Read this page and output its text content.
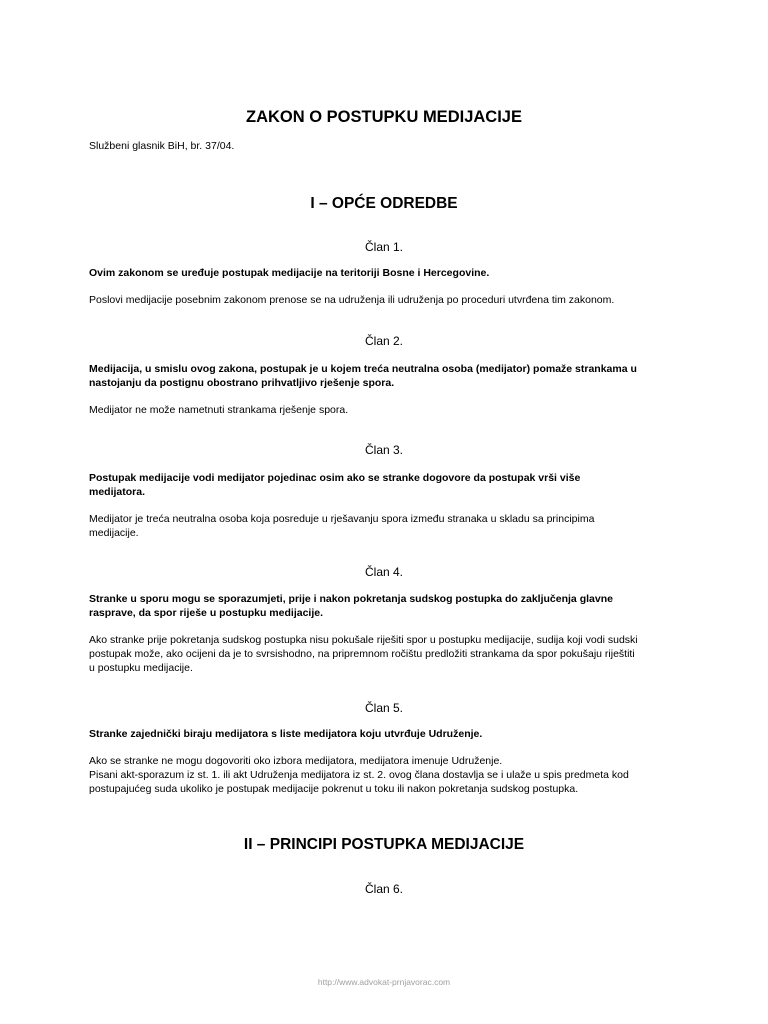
ZAKON O POSTUPKU MEDIJACIJE

Službeni glasnik BiH, br. 37/04.

I – OPĆE ODREDBE

Član 1.

Ovim zakonom se uređuje postupak medijacije na teritoriji Bosne i Hercegovine.

Poslovi medijacije posebnim zakonom prenose se na udruženja ili udruženja po proceduri utvrđena tim zakonom.

Član 2.

Medijacija, u smislu ovog zakona, postupak je u kojem treća neutralna osoba (medijator) pomaže strankama u
nastojanju da postignu obostrano prihvatljivo rješenje spora.

Medijator ne može nametnuti strankama rješenje spora.

Član 3.

Postupak medijacije vodi medijator pojedinac osim ako se stranke dogovore da postupak vrši više
medijatora.

Medijator je treća neutralna osoba koja posreduje u rješavanju spora između stranaka u skladu sa principima
medijacije.

Član 4.

Stranke u sporu mogu se sporazumjeti, prije i nakon pokretanja sudskog postupka do zaključenja glavne
rasprave, da spor riješe u postupku medijacije.

Ako stranke prije pokretanja sudskog postupka nisu pokušale riješiti spor u postupku medijacije, sudija koji vodi sudski
postupak može, ako ocijeni da je to svrsishodno, na pripremnom ročištu predložiti strankama da spor pokušaju riještiti
u postupku medijacije.

Član 5.

Stranke zajednički biraju medijatora s liste medijatora koju utvrđuje Udruženje.

Ako se stranke ne mogu dogovoriti oko izbora medijatora, medijatora imenuje Udruženje.
Pisani akt-sporazum iz st. 1. ili akt Udruženja medijatora iz st. 2. ovog člana dostavlja se i ulaže u spis predmeta kod
postupajućeg suda ukoliko je postupak medijacije pokrenut u toku ili nakon pokretanja sudskog postupka.

II – PRINCIPI POSTUPKA MEDIJACIJE

Član 6.

http://www.advokat-prnjavorac.com
